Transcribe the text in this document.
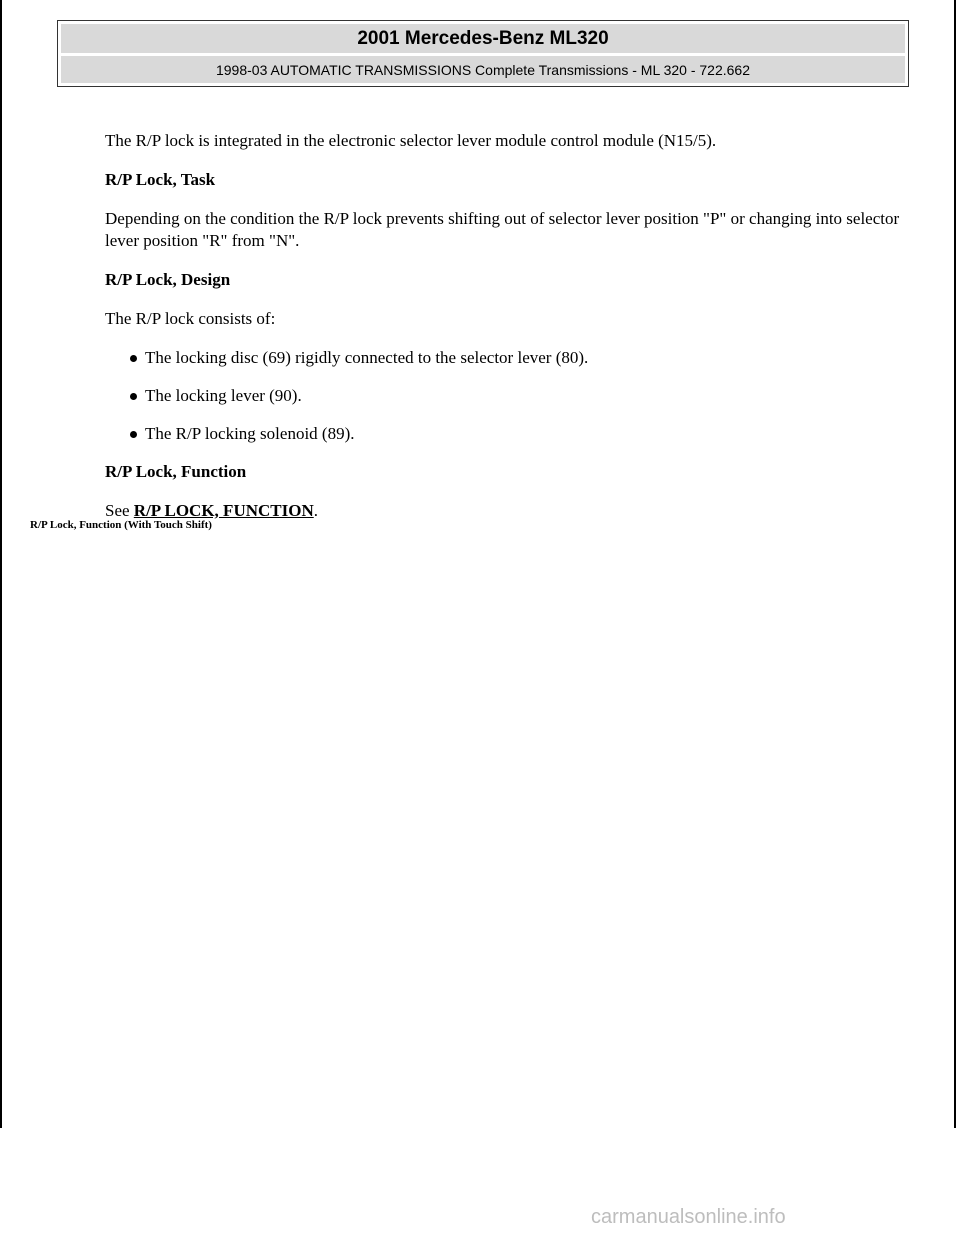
2001 Mercedes-Benz ML320
1998-03 AUTOMATIC TRANSMISSIONS Complete Transmissions - ML 320 - 722.662

The R/P lock is integrated in the electronic selector lever module control module (N15/5).

R/P Lock, Task

Depending on the condition the R/P lock prevents shifting out of selector lever position "P" or changing into selector lever position "R" from "N".

R/P Lock, Design

The R/P lock consists of:

The locking disc (69) rigidly connected to the selector lever (80).
The locking lever (90).
The R/P locking solenoid (89).
R/P Lock, Function

See R/P LOCK, FUNCTION.

R/P Lock, Function (With Touch Shift)
carmanualsonline.info
